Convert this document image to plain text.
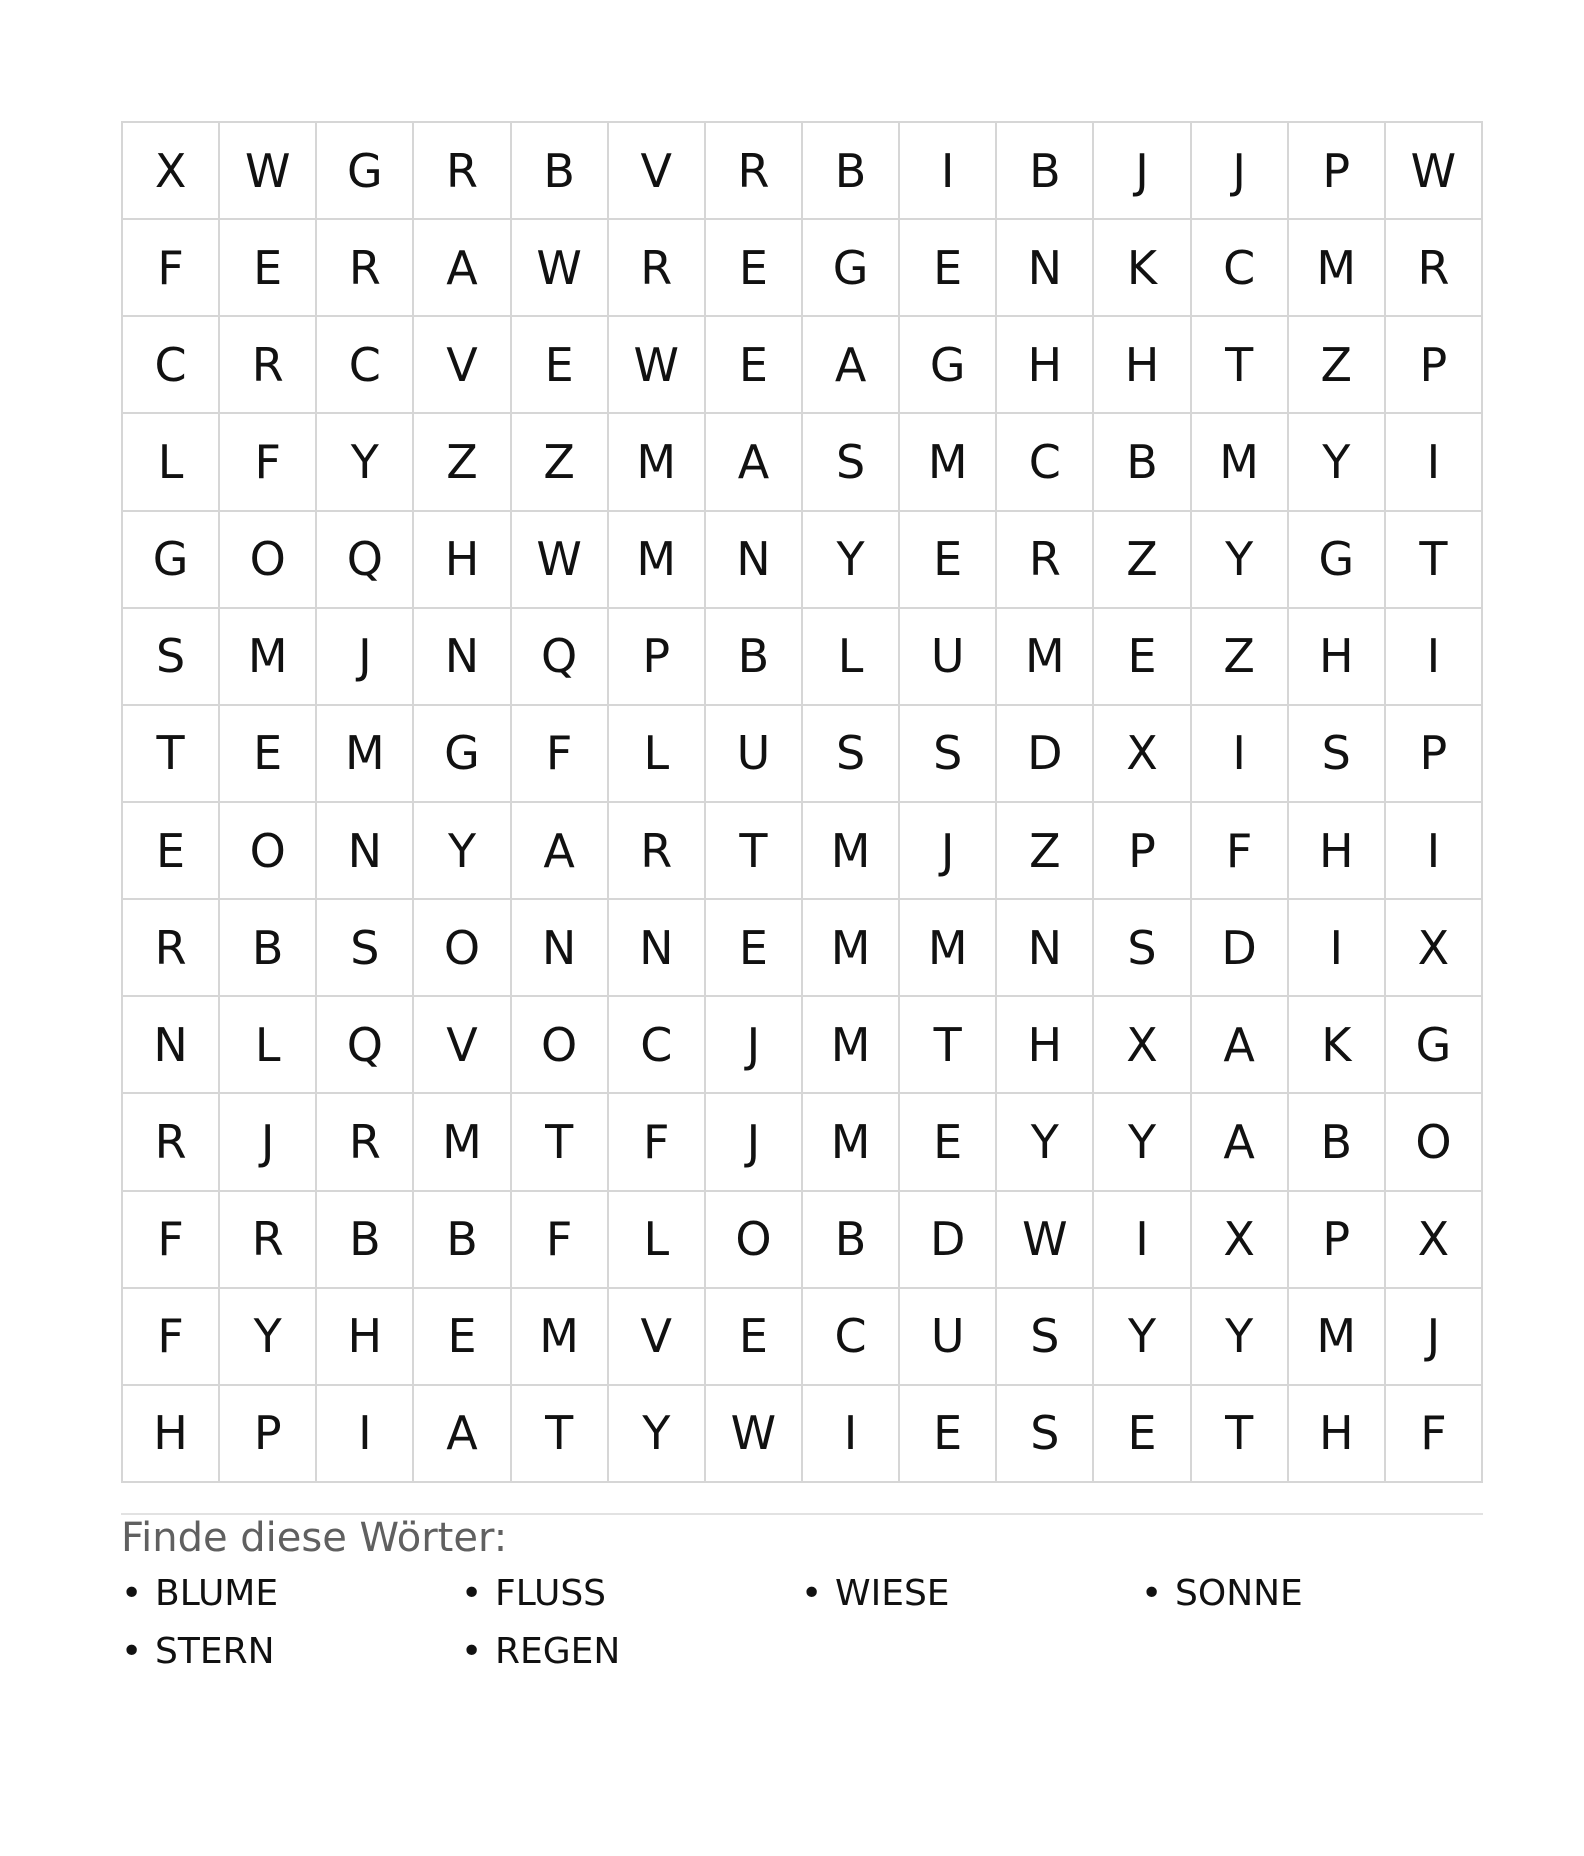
X	W	G	R	B	V	R	B	I	B	J	J	P	W
F	E	R	A	W	R	E	G	E	N	K	C	M	R
C	R	C	V	E	W	E	A	G	H	H	T	Z	P
L	F	Y	Z	Z	M	A	S	M	C	B	M	Y	I
G	O	Q	H	W	M	N	Y	E	R	Z	Y	G	T
S	M	J	N	Q	P	B	L	U	M	E	Z	H	I
T	E	M	G	F	L	U	S	S	D	X	I	S	P
E	O	N	Y	A	R	T	M	J	Z	P	F	H	I
R	B	S	O	N	N	E	M	M	N	S	D	I	X
N	L	Q	V	O	C	J	M	T	H	X	A	K	G
R	J	R	M	T	F	J	M	E	Y	Y	A	B	O
F	R	B	B	F	L	O	B	D	W	I	X	P	X
F	Y	H	E	M	V	E	C	U	S	Y	Y	M	J
H	P	I	A	T	Y	W	I	E	S	E	T	H	F
Finde diese Wörter:
• BLUME	• FLUSS	• WIESE	• SONNE
• STERN	• REGEN
